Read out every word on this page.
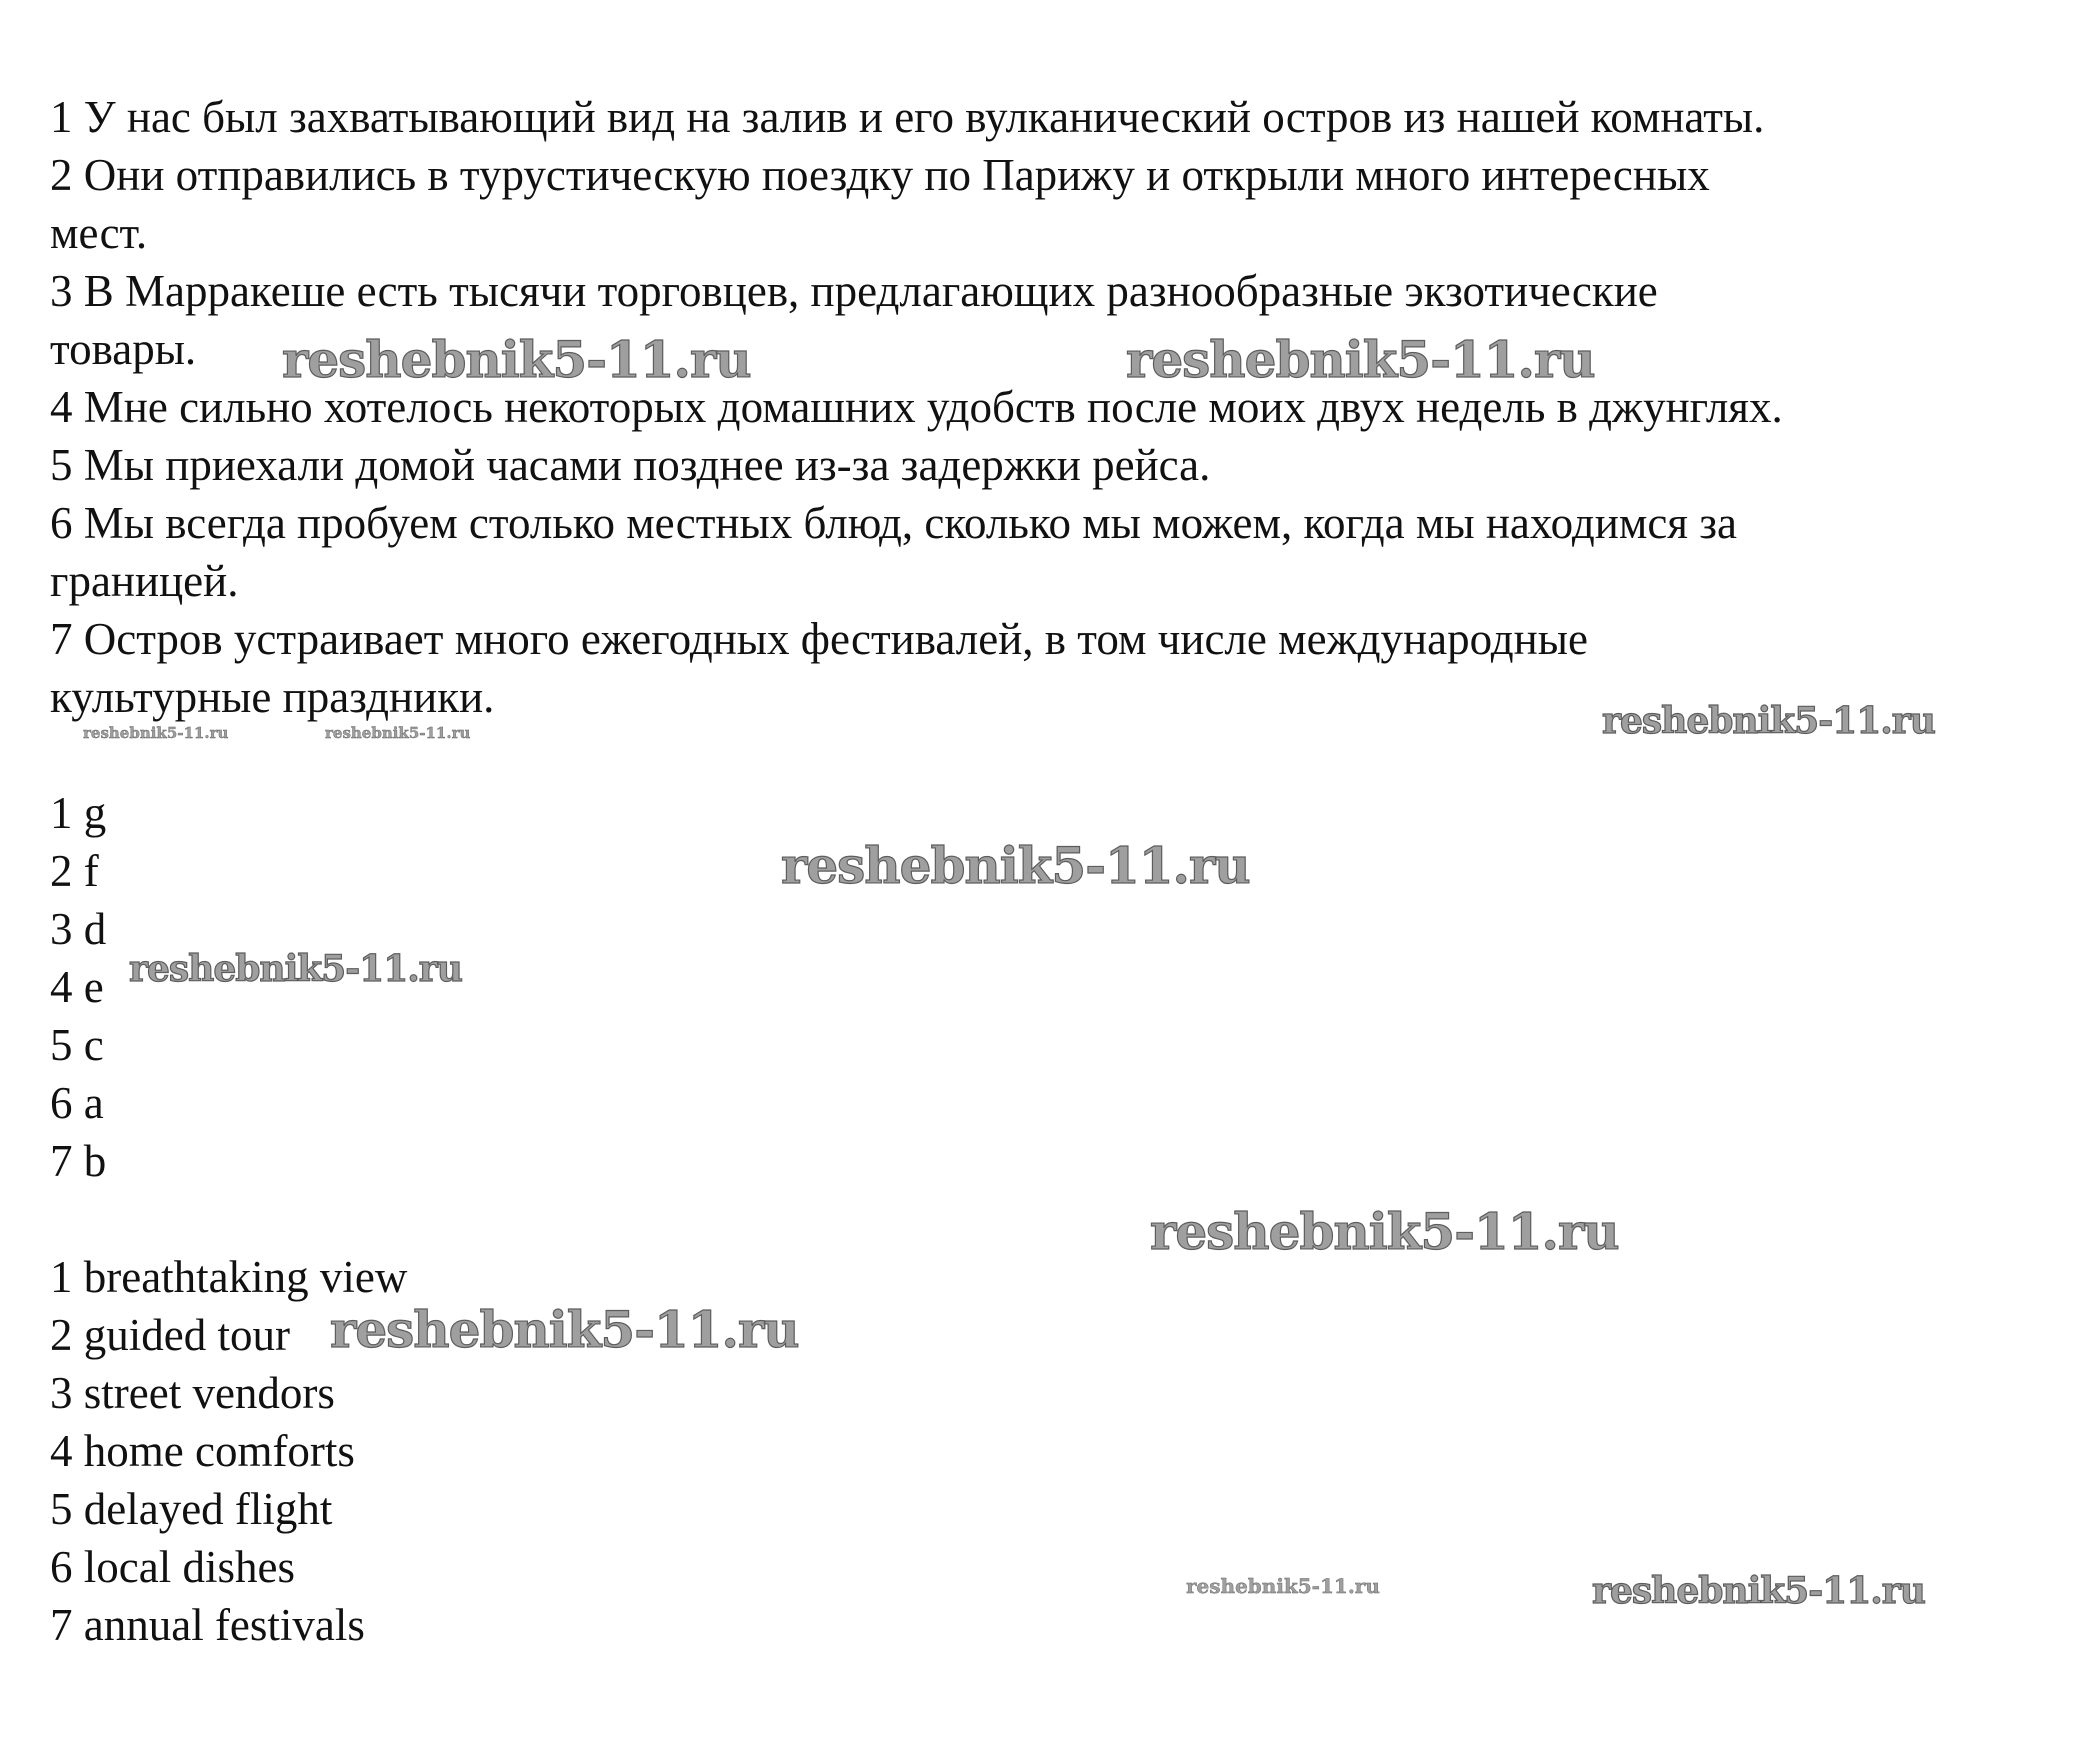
1 У нас был захватывающий вид на залив и его вулканический остров из нашей комнаты.
2 Они отправились в турустическую поездку по Парижу и открыли много интересных
мест.
3 В Марракеше есть тысячи торговцев, предлагающих разнообразные экзотические
товары.
4 Мне сильно хотелось некоторых домашних удобств после моих двух недель в джунглях.
5 Мы приехали домой часами позднее из-за задержки рейса.
6 Мы всегда пробуем столько местных блюд, сколько мы можем, когда мы находимся за
границей.
7 Остров устраивает много ежегодных фестивалей, в том числе международные
культурные праздники.
1 g
2 f
3 d
4 e
5 c
6 a
7 b
1 breathtaking view
2 guided tour
3 street vendors
4 home comforts
5 delayed flight
6 local dishes
7 annual festivals
reshebnik5-11.ru	reshebnik5-11.ru
reshebnik5-11.ru	reshebnik5-11.ru	reshebnik5-11.ru
reshebnik5-11.ru
reshebnik5-11.ru
reshebnik5-11.ru
reshebnik5-11.ru
reshebnik5-11.ru	reshebnik5-11.ru
